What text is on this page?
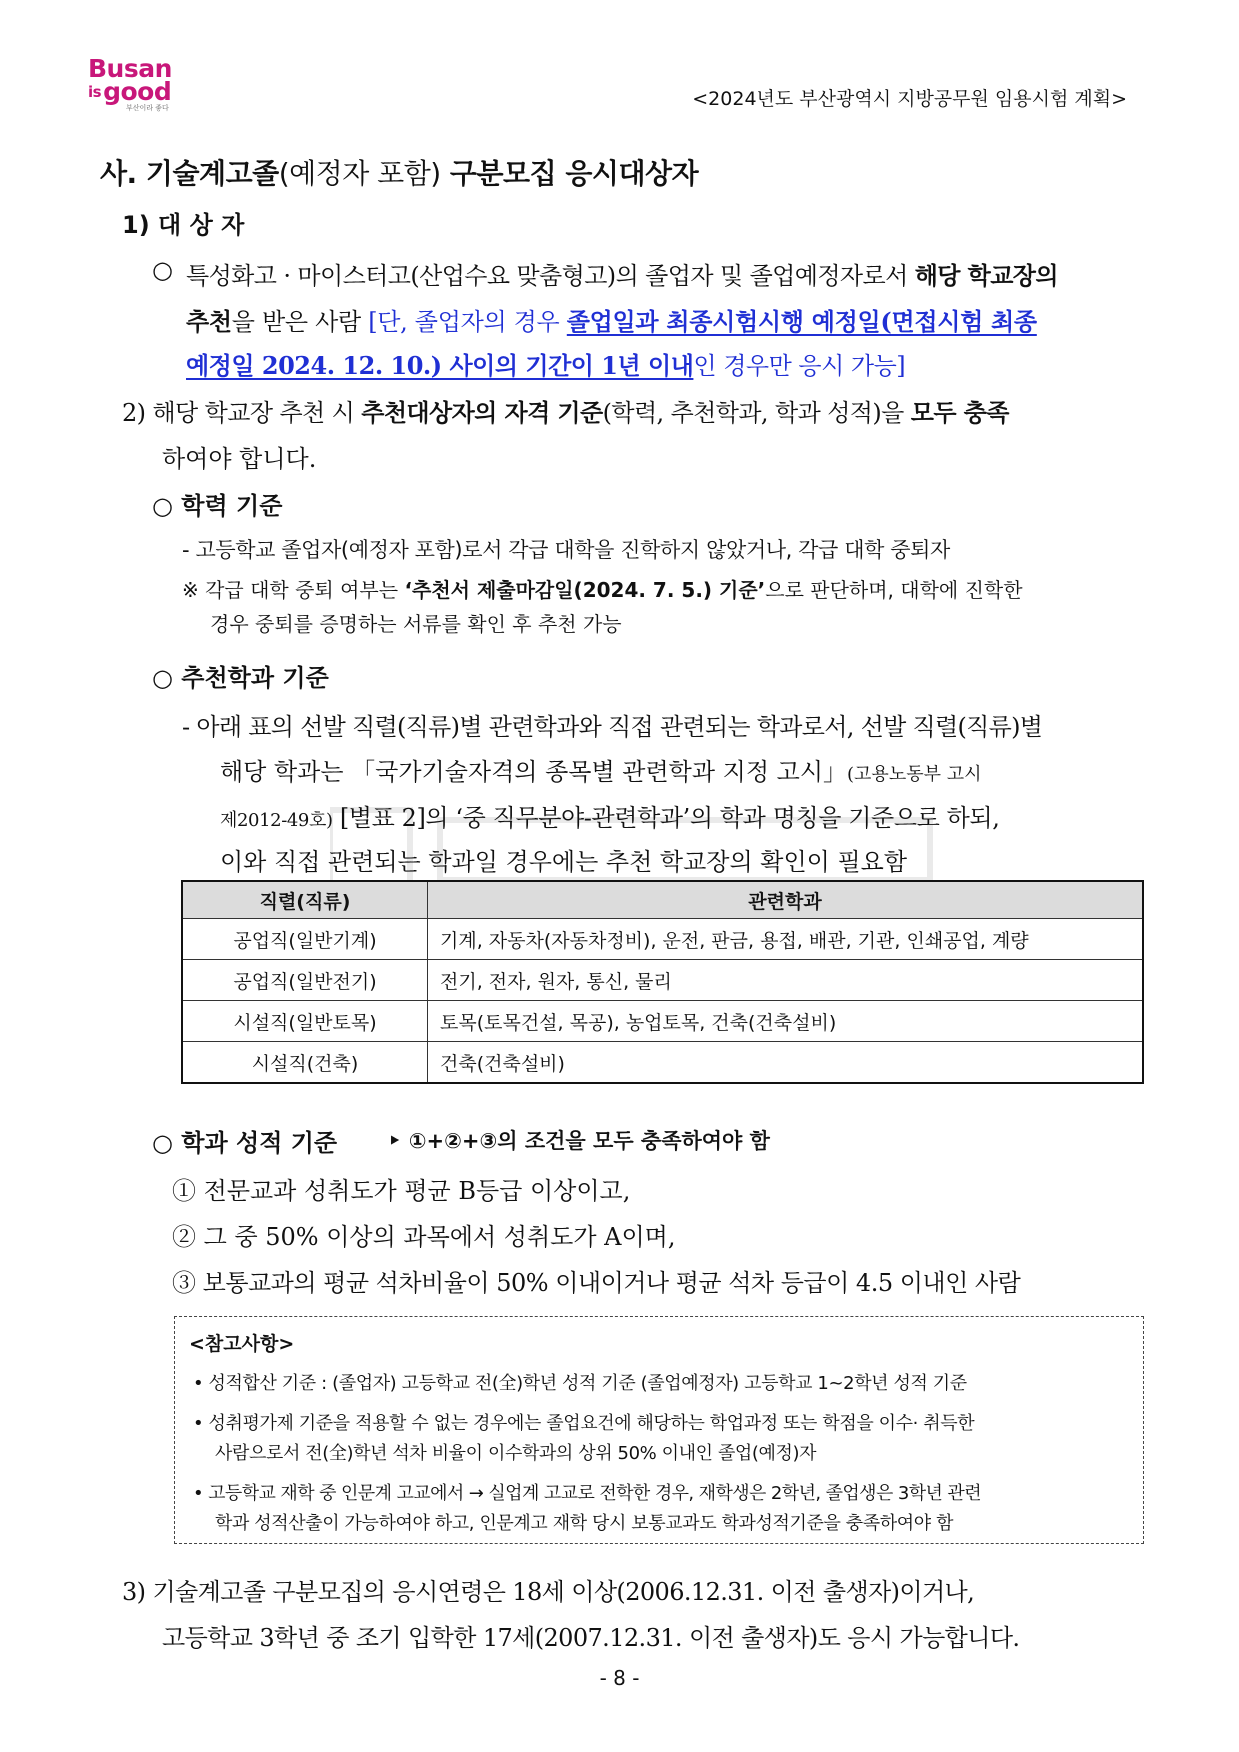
Busan
isgood
부산이라 좋다	<2024년도 부산광역시 지방공무원 임용시험 계획>
사. 기술계고졸(예정자 포함) 구분모집 응시대상자
1) 대 상 자
○ 특성화고 · 마이스터고(산업수요 맞춤형고)의 졸업자 및 졸업예정자로서 해당 학교장의
추천을 받은 사람 [단, 졸업자의 경우 졸업일과 최종시험시행 예정일(면접시험 최종
예정일 2024. 12. 10.) 사이의 기간이 1년 이내인 경우만 응시 가능]
2) 해당 학교장 추천 시 추천대상자의 자격 기준(학력, 추천학과, 학과 성적)을 모두 충족
하여야 합니다.
○ 학력 기준
- 고등학교 졸업자(예정자 포함)로서 각급 대학을 진학하지 않았거나, 각급 대학 중퇴자
※ 각급 대학 중퇴 여부는 ‘추천서 제출마감일(2024. 7. 5.) 기준’으로 판단하며, 대학에 진학한
경우 중퇴를 증명하는 서류를 확인 후 추천 가능
○ 추천학과 기준
- 아래 표의 선발 직렬(직류)별 관련학과와 직접 관련되는 학과로서, 선발 직렬(직류)별
해당 학과는 「국가기술자격의 종목별 관련학과 지정 고시」(고용노동부 고시
제2012-49호) [별표 2]의 ‘중 직무분야-관련학과’의 학과 명칭을 기준으로 하되,
이와 직접 관련되는 학과일 경우에는 추천 학교장의 확인이 필요함
직렬(직류)	관련학과
공업직(일반기계)	기계, 자동차(자동차정비), 운전, 판금, 용접, 배관, 기관, 인쇄공업, 계량
공업직(일반전기)	전기, 전자, 원자, 통신, 물리
시설직(일반토목)	토목(토목건설, 목공), 농업토목, 건축(건축설비)
시설직(건축)	건축(건축설비)
○ 학과 성적 기준 ‣ ①+②+③의 조건을 모두 충족하여야 함
① 전문교과 성취도가 평균 B등급 이상이고,
② 그 중 50% 이상의 과목에서 성취도가 A이며,
③ 보통교과의 평균 석차비율이 50% 이내이거나 평균 석차 등급이 4.5 이내인 사람
<참고사항>
• 성적합산 기준 : (졸업자) 고등학교 전(全)학년 성적 기준 (졸업예정자) 고등학교 1~2학년 성적 기준
• 성취평가제 기준을 적용할 수 없는 경우에는 졸업요건에 해당하는 학업과정 또는 학점을 이수· 취득한
사람으로서 전(全)학년 석차 비율이 이수학과의 상위 50% 이내인 졸업(예정)자
• 고등학교 재학 중 인문계 고교에서 → 실업계 고교로 전학한 경우, 재학생은 2학년, 졸업생은 3학년 관련
학과 성적산출이 가능하여야 하고, 인문계고 재학 당시 보통교과도 학과성적기준을 충족하여야 함
3) 기술계고졸 구분모집의 응시연령은 18세 이상(2006.12.31. 이전 출생자)이거나,
고등학교 3학년 중 조기 입학한 17세(2007.12.31. 이전 출생자)도 응시 가능합니다.
- 8 -
